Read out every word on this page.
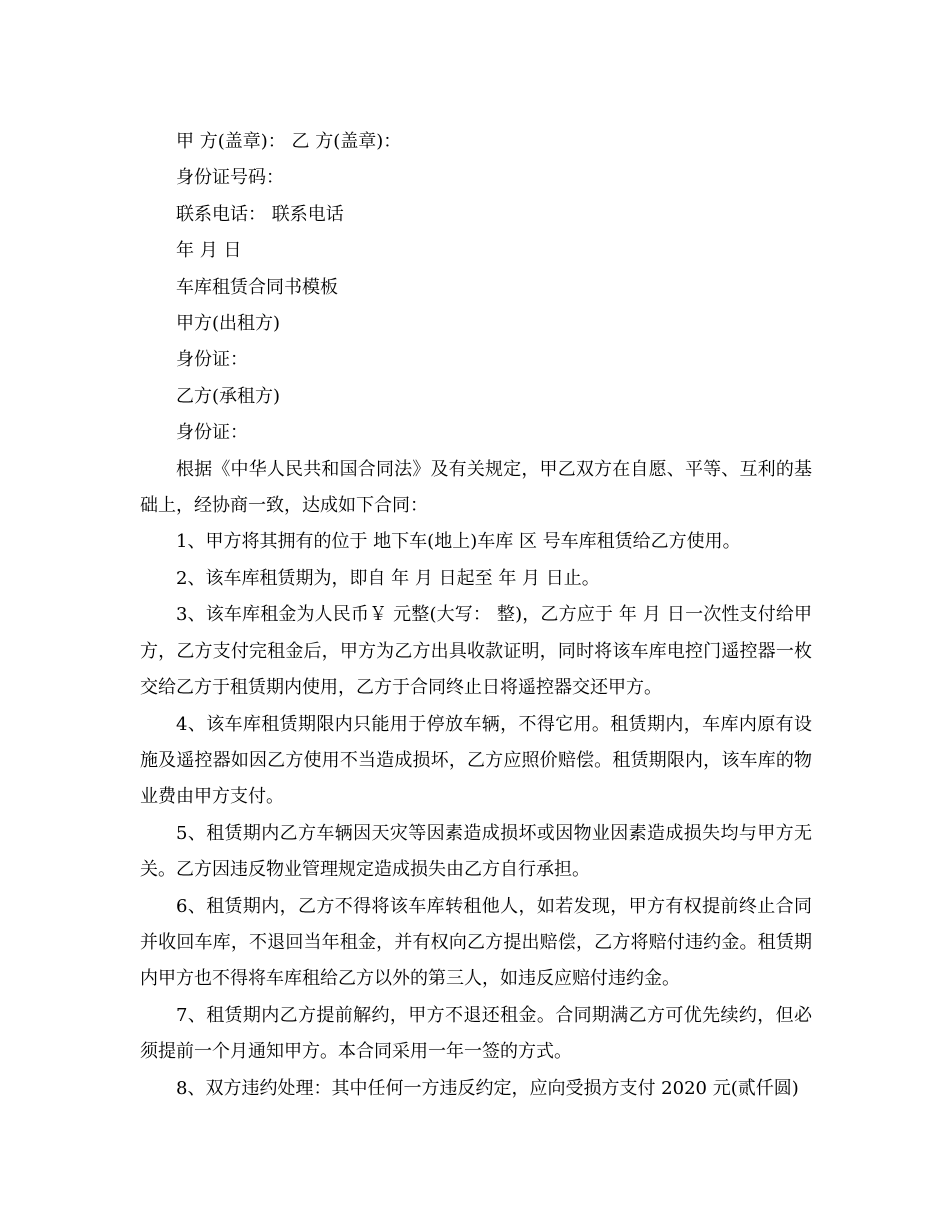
甲 方(盖章)： 乙 方(盖章)：

身份证号码：

联系电话： 联系电话

年 月 日

车库租赁合同书模板

甲方(出租方)

身份证：

乙方(承租方)

身份证：

根据《中华人民共和国合同法》及有关规定，甲乙双方在自愿、平等、互利的基础上，经协商一致，达成如下合同：

1、甲方将其拥有的位于 地下车(地上)车库 区 号车库租赁给乙方使用。

2、该车库租赁期为，即自 年 月 日起至 年 月 日止。

3、该车库租金为人民币￥ 元整(大写： 整)，乙方应于 年 月 日一次性支付给甲方，乙方支付完租金后，甲方为乙方出具收款证明，同时将该车库电控门遥控器一枚交给乙方于租赁期内使用，乙方于合同终止日将遥控器交还甲方。

4、该车库租赁期限内只能用于停放车辆，不得它用。租赁期内，车库内原有设施及遥控器如因乙方使用不当造成损坏，乙方应照价赔偿。租赁期限内，该车库的物业费由甲方支付。

5、租赁期内乙方车辆因天灾等因素造成损坏或因物业因素造成损失均与甲方无关。乙方因违反物业管理规定造成损失由乙方自行承担。

6、租赁期内，乙方不得将该车库转租他人，如若发现，甲方有权提前终止合同并收回车库，不退回当年租金，并有权向乙方提出赔偿，乙方将赔付违约金。租赁期内甲方也不得将车库租给乙方以外的第三人，如违反应赔付违约金。

7、租赁期内乙方提前解约，甲方不退还租金。合同期满乙方可优先续约，但必须提前一个月通知甲方。本合同采用一年一签的方式。

8、双方违约处理：其中任何一方违反约定，应向受损方支付 2020 元(贰仟圆)
